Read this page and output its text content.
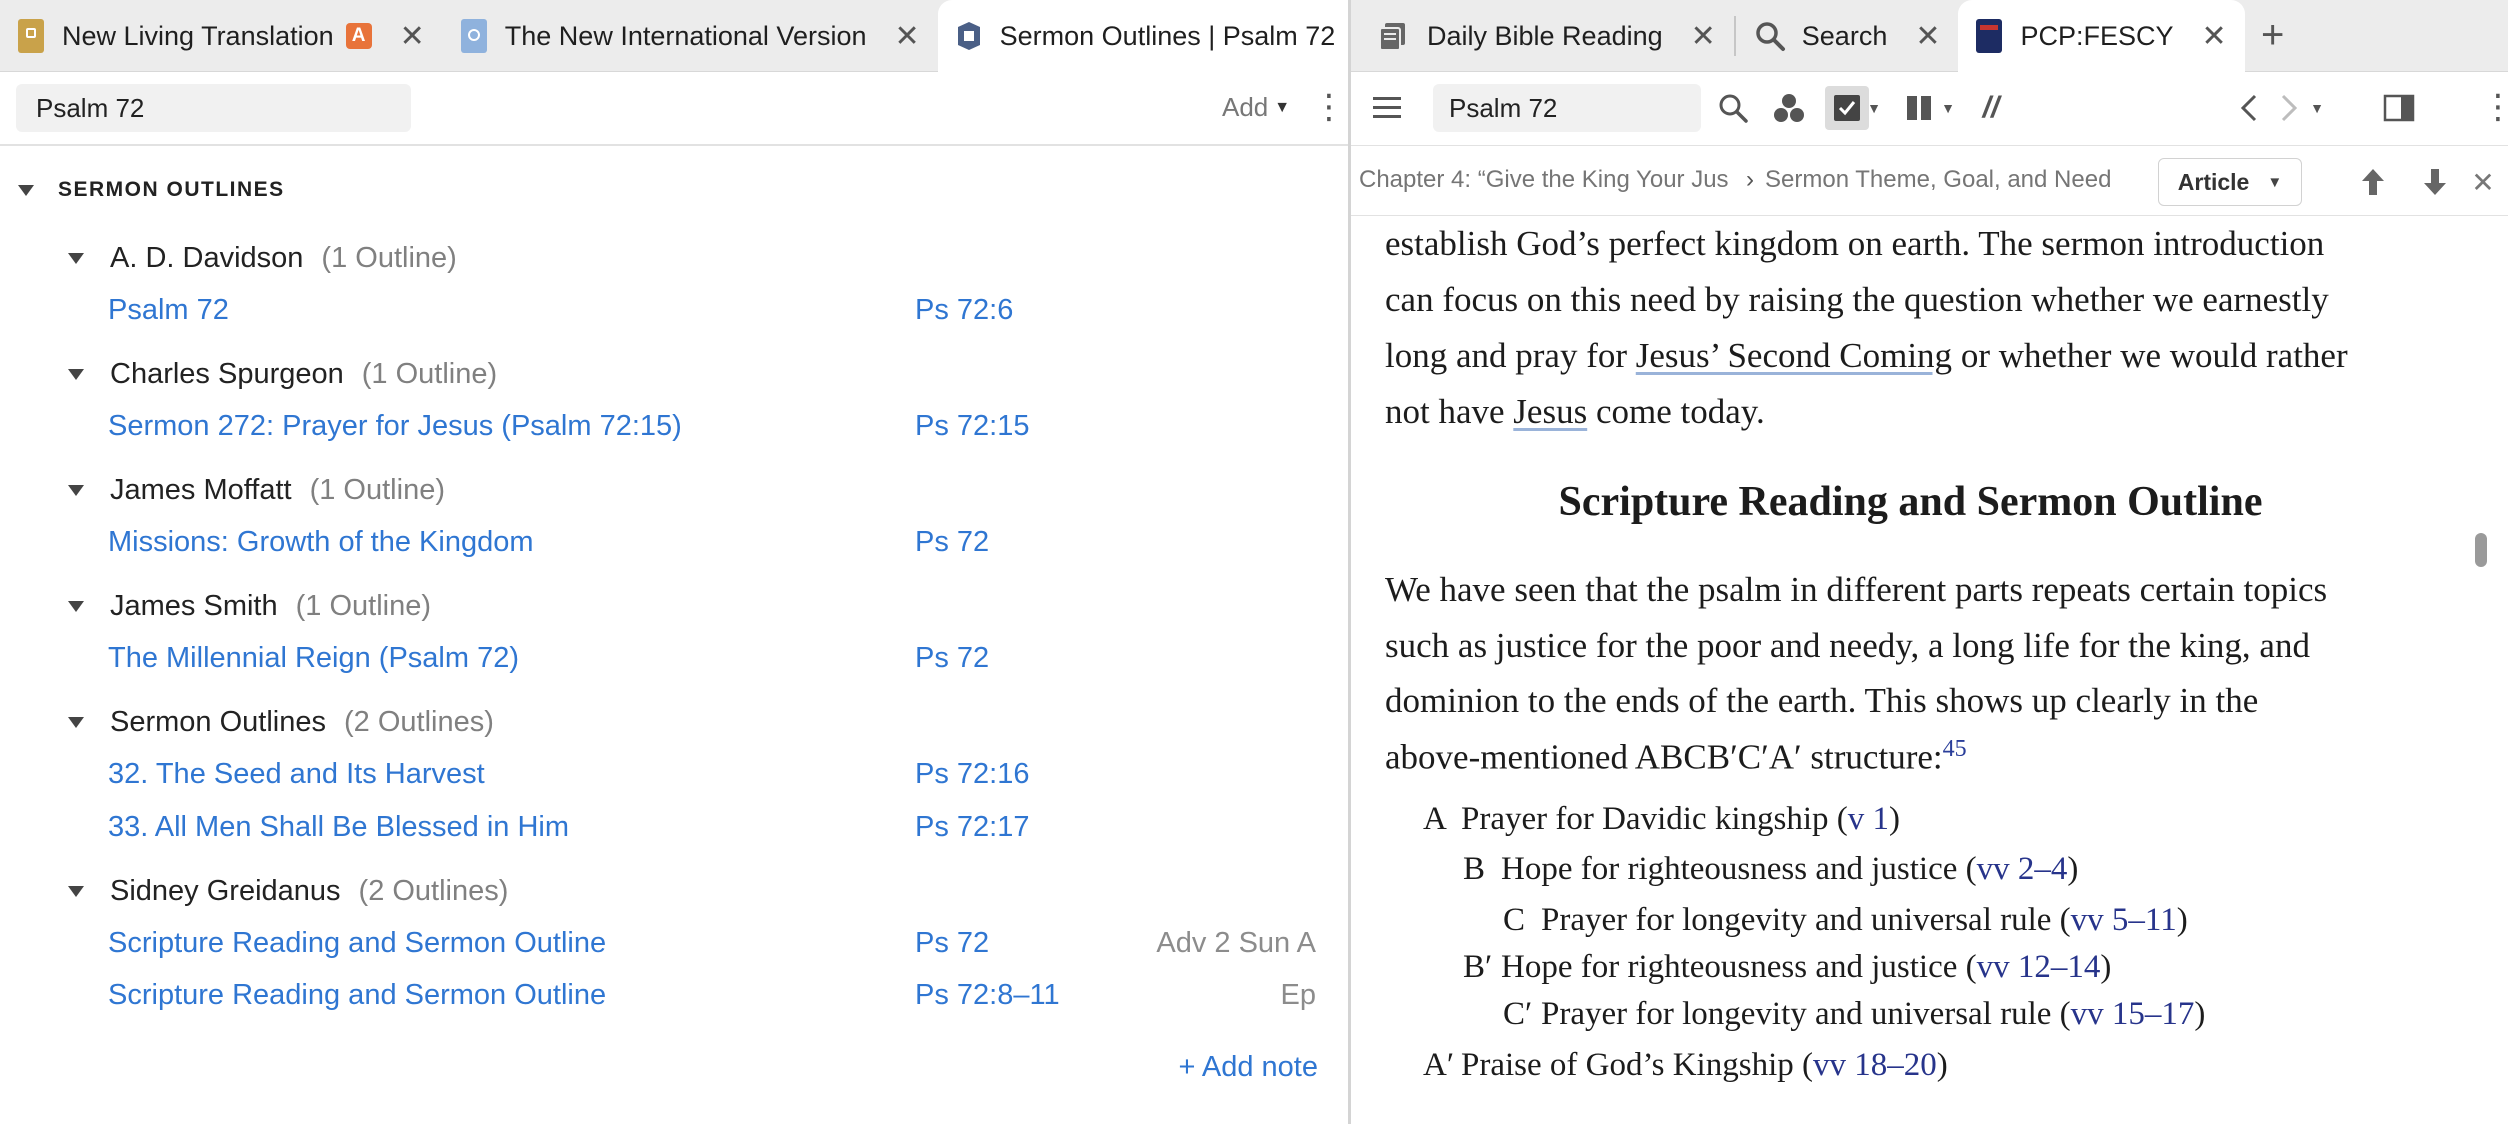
New Living Translation A ✕	The New International Version ✕	Sermon Outlines | Psalm 72	Daily Bible Reading ✕	Search ✕	PCP:FESCY ✕ +
Psalm 72
Add ▼ ⋮
SERMON OUTLINES
A. D. Davidson (1 Outline)
Psalm 72	Ps 72:6
Charles Spurgeon (1 Outline)
Sermon 272: Prayer for Jesus (Psalm 72:15)	Ps 72:15
James Moffatt (1 Outline)
Missions: Growth of the Kingdom	Ps 72
James Smith (1 Outline)
The Millennial Reign (Psalm 72)	Ps 72
Sermon Outlines (2 Outlines)
32. The Seed and Its Harvest	Ps 72:16
33. All Men Shall Be Blessed in Him	Ps 72:17
Sidney Greidanus (2 Outlines)
Scripture Reading and Sermon Outline	Ps 72	Adv 2 Sun A
Scripture Reading and Sermon Outline	Ps 72:8–11	Ep
+ Add note
Psalm 72
▼	▼ //	▼	⋮
Chapter 4: “Give the King Your Jus › Sermon Theme, Goal, and Need	Article ▼	✕
establish God’s perfect kingdom on earth. The sermon introduction
can focus on this need by raising the question whether we earnestly
long and pray for Jesus’ Second Coming or whether we would rather
not have Jesus come today.
Scripture Reading and Sermon Outline
We have seen that the psalm in different parts repeats certain topics
such as justice for the poor and needy, a long life for the king, and
dominion to the ends of the earth. This shows up clearly in the
above-mentioned ABCB′C′A′ structure:$^{45}$
A Prayer for Davidic kingship (v 1)
B Hope for righteousness and justice (vv 2–4)
C Prayer for longevity and universal rule (vv 5–11)
B′ Hope for righteousness and justice (vv 12–14)
C′ Prayer for longevity and universal rule (vv 15–17)
A′ Praise of God’s Kingship (vv 18–20)
